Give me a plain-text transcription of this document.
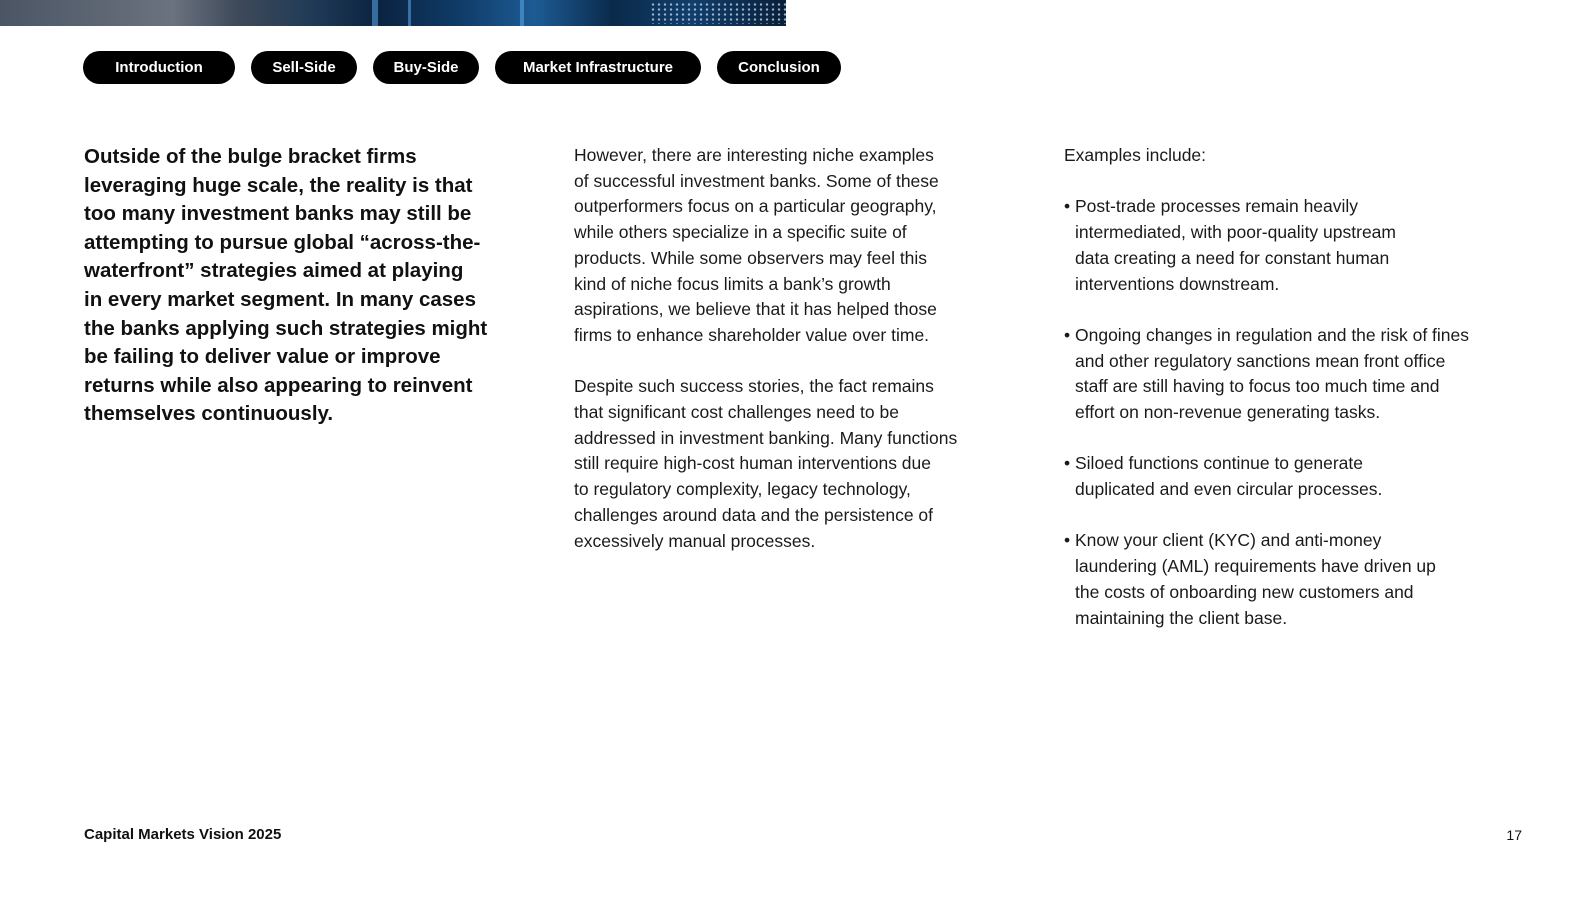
Introduction	Sell-Side	Buy-Side	Market Infrastructure	Conclusion
Outside of the bulge bracket firms
leveraging huge scale, the reality is that
too many investment banks may still be
attempting to pursue global “across-the-
waterfront” strategies aimed at playing
in every market segment. In many cases
the banks applying such strategies might
be failing to deliver value or improve
returns while also appearing to reinvent
themselves continuously.

However, there are interesting niche examples
of successful investment banks. Some of these
outperformers focus on a particular geography,
while others specialize in a specific suite of
products. While some observers may feel this
kind of niche focus limits a bank’s growth
aspirations, we believe that it has helped those
firms to enhance shareholder value over time.

Despite such success stories, the fact remains
that significant cost challenges need to be
addressed in investment banking. Many functions
still require high-cost human interventions due
to regulatory complexity, legacy technology,
challenges around data and the persistence of
excessively manual processes.

Examples include:

• Post-trade processes remain heavily
intermediated, with poor-quality upstream
data creating a need for constant human
interventions downstream.
• Ongoing changes in regulation and the risk of fines
and other regulatory sanctions mean front office
staff are still having to focus too much time and
effort on non-revenue generating tasks.
• Siloed functions continue to generate
duplicated and even circular processes.
• Know your client (KYC) and anti-money
laundering (AML) requirements have driven up
the costs of onboarding new customers and
maintaining the client base.
Capital Markets Vision 2025	17
